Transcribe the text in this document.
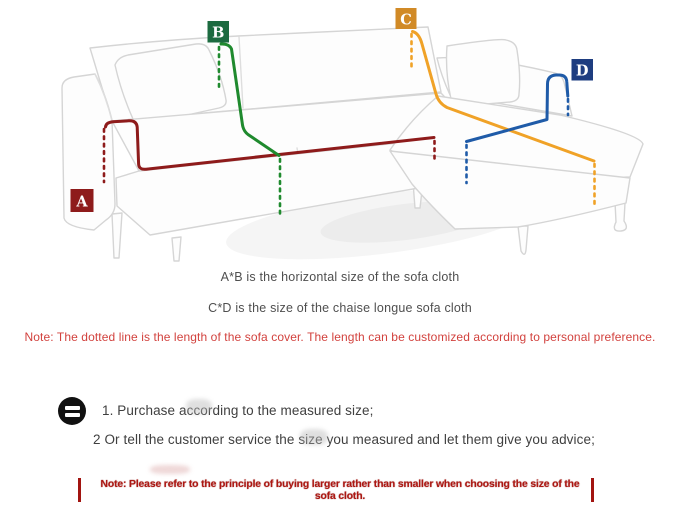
A
B
C
D
A*B is the horizontal size of the sofa cloth
C*D is the size of the chaise longue sofa cloth
Note: The dotted line is the length of the sofa cover. The length can be customized according to personal preference.
1. Purchase according to the measured size;
2 Or tell the customer service the size you measured and let them give you advice;
Note: Please refer to the principle of buying larger rather than smaller when choosing the size of the sofa cloth.
